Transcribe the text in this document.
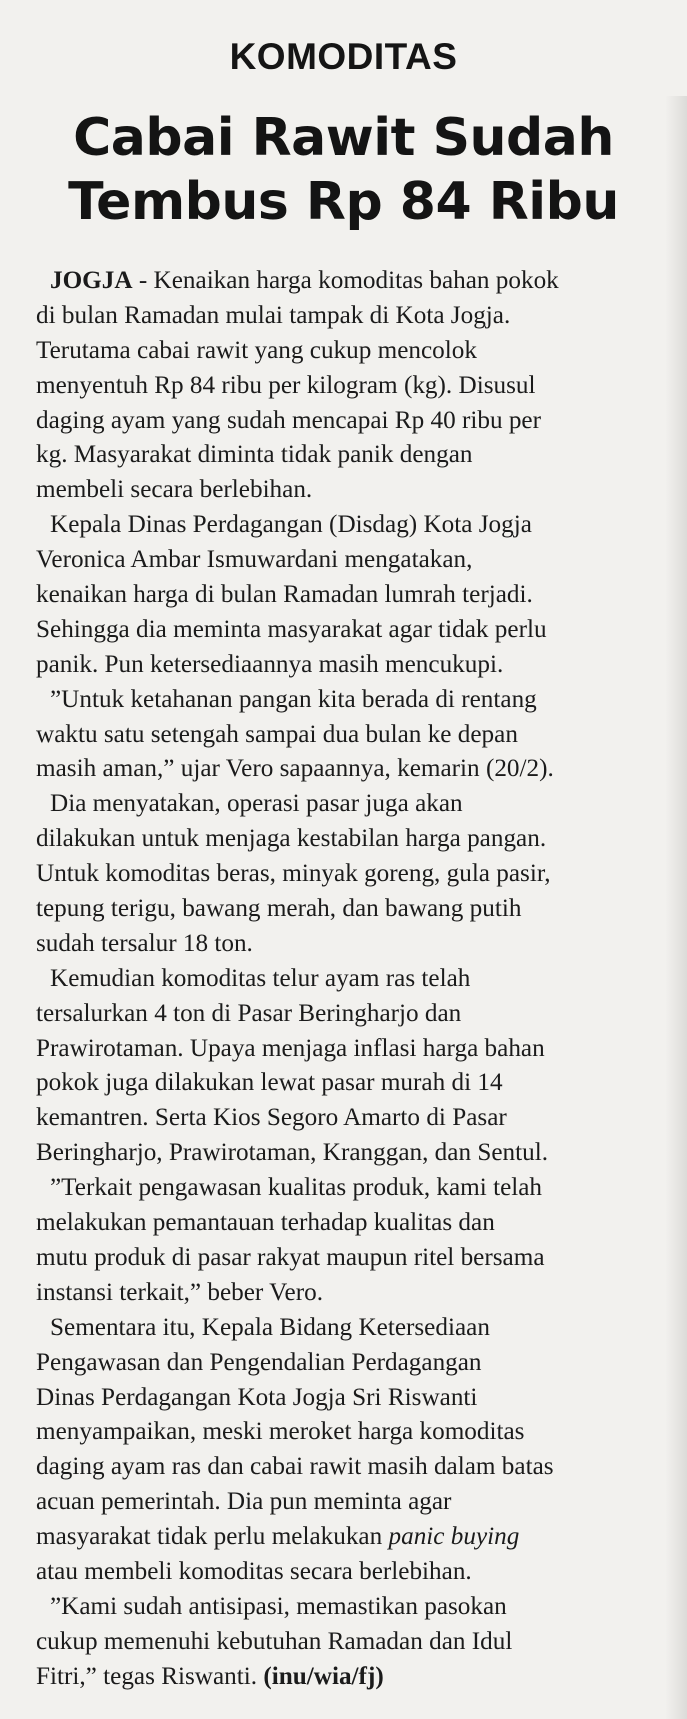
KOMODITAS
Cabai Rawit Sudah
Tembus Rp 84 Ribu
JOGJA - Kenaikan harga komoditas bahan pokok
di bulan Ramadan mulai tampak di Kota Jogja.
Terutama cabai rawit yang cukup mencolok
menyentuh Rp 84 ribu per kilogram (kg). Disusul
daging ayam yang sudah mencapai Rp 40 ribu per
kg. Masyarakat diminta tidak panik dengan
membeli secara berlebihan.
Kepala Dinas Perdagangan (Disdag) Kota Jogja
Veronica Ambar Ismuwardani mengatakan,
kenaikan harga di bulan Ramadan lumrah terjadi.
Sehingga dia meminta masyarakat agar tidak perlu
panik. Pun ketersediaannya masih mencukupi.
”Untuk ketahanan pangan kita berada di rentang
waktu satu setengah sampai dua bulan ke depan
masih aman,” ujar Vero sapaannya, kemarin (20/2).
Dia menyatakan, operasi pasar juga akan
dilakukan untuk menjaga kestabilan harga pangan.
Untuk komoditas beras, minyak goreng, gula pasir,
tepung terigu, bawang merah, dan bawang putih
sudah tersalur 18 ton.
Kemudian komoditas telur ayam ras telah
tersalurkan 4 ton di Pasar Beringharjo dan
Prawirotaman. Upaya menjaga inflasi harga bahan
pokok juga dilakukan lewat pasar murah di 14
kemantren. Serta Kios Segoro Amarto di Pasar
Beringharjo, Prawirotaman, Kranggan, dan Sentul.
”Terkait pengawasan kualitas produk, kami telah
melakukan pemantauan terhadap kualitas dan
mutu produk di pasar rakyat maupun ritel bersama
instansi terkait,” beber Vero.
Sementara itu, Kepala Bidang Ketersediaan
Pengawasan dan Pengendalian Perdagangan
Dinas Perdagangan Kota Jogja Sri Riswanti
menyampaikan, meski meroket harga komoditas
daging ayam ras dan cabai rawit masih dalam batas
acuan pemerintah. Dia pun meminta agar
masyarakat tidak perlu melakukan panic buying
atau membeli komoditas secara berlebihan.
”Kami sudah antisipasi, memastikan pasokan
cukup memenuhi kebutuhan Ramadan dan Idul
Fitri,” tegas Riswanti. (inu/wia/fj)
